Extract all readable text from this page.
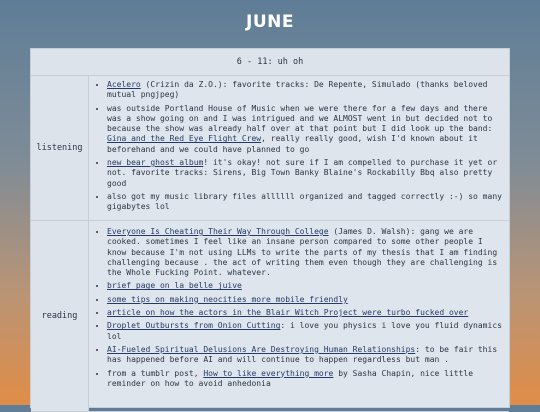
JUNE
6 - 11: uh oh
listening
• Acelero (Crizin da Z.O.): favorite tracks: De Repente, Simulado (thanks beloved mutual pngjpeg)
• was outside Portland House of Music when we were there for a few days and there was a show going on and I was intrigued and we ALMOST went in but decided not to because the show was already half over at that point but I did look up the band: Gina and the Red Eye Flight Crew, really really good, wish I'd known about it beforehand and we could have planned to go
• new bear ghost album! it's okay! not sure if I am compelled to purchase it yet or not. favorite tracks: Sirens, Big Town Banky Blaine's Rockabilly Bbq also pretty good
• also got my music library files allllll organized and tagged correctly :-) so many gigabytes lol
reading
• Everyone Is Cheating Their Way Through College (James D. Walsh): gang we are cooked. sometimes I feel like an insane person compared to some other people I know because I'm not using LLMs to write the parts of my thesis that I am finding challenging because . the act of writing them even though they are challenging is the Whole Fucking Point. whatever.
• brief page on la belle juive
• some tips on making neocities more mobile friendly
• article on how the actors in the Blair Witch Project were turbo fucked over
• Droplet Outbursts from Onion Cutting: i love you physics i love you fluid dynamics lol
• AI-Fueled Spiritual Delusions Are Destroying Human Relationships: to be fair this has happened before AI and will continue to happen regardless but man .
• from a tumblr post, How to like everything more by Sasha Chapin, nice little reminder on how to avoid anhedonia
